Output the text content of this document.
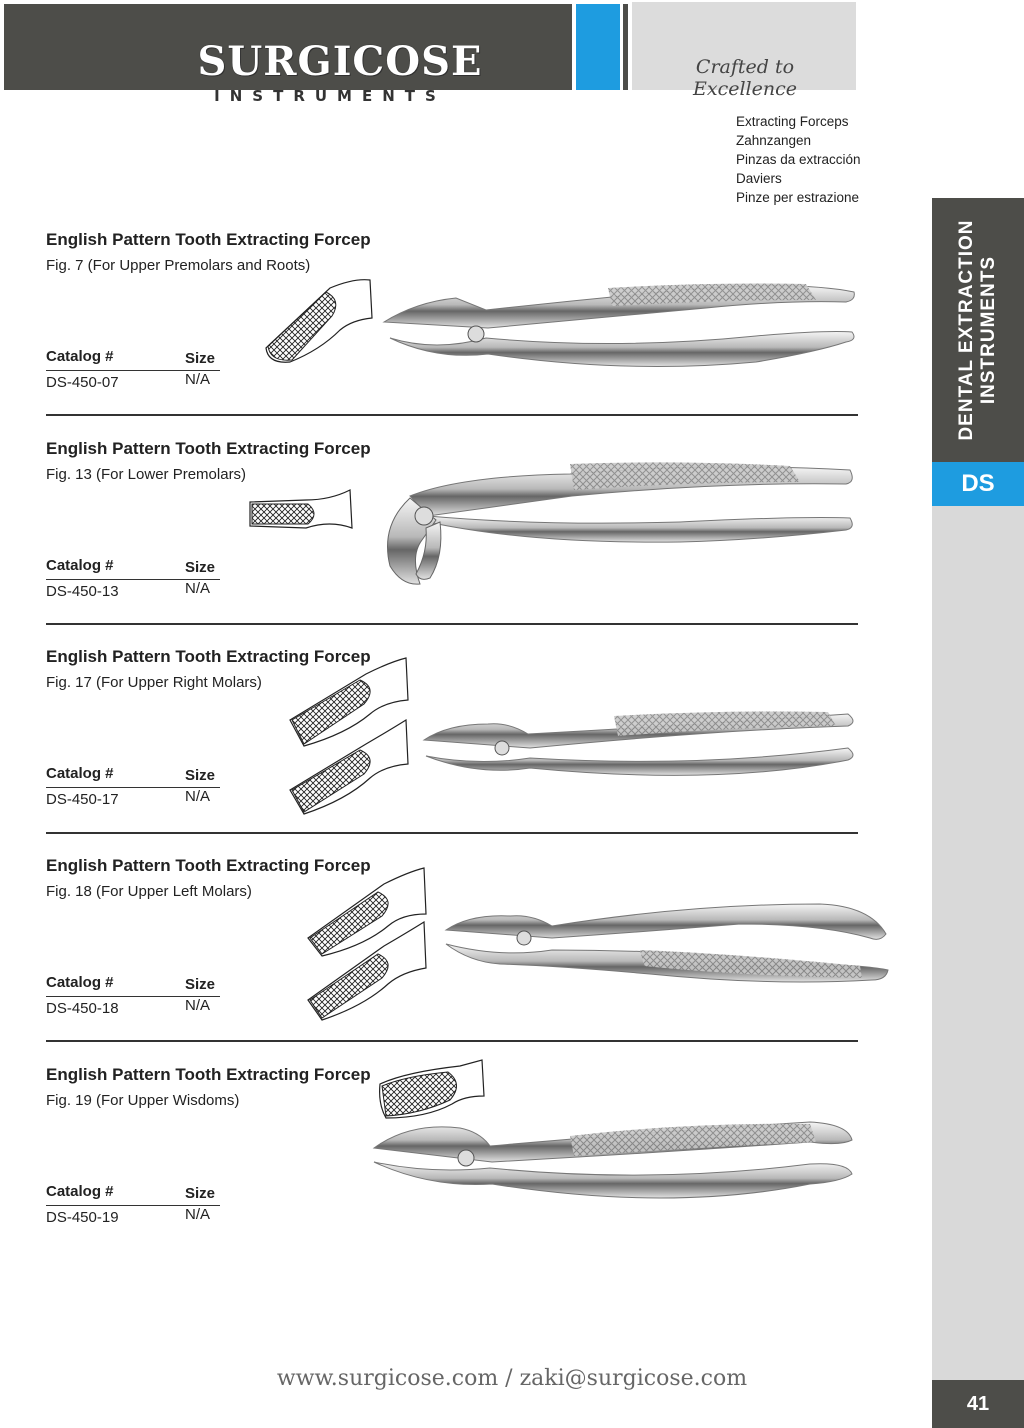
SURGICOSE
INSTRUMENTS
Crafted to Excellence
Extracting Forceps
Zahnzangen
Pinzas da extracción
Daviers
Pinze per estrazione
DENTAL EXTRACTION INSTRUMENTS
DS
41
English Pattern Tooth Extracting Forcep
Fig. 7 (For Upper Premolars and Roots)
Catalog #	Size
DS-450-07	N/A
English Pattern Tooth Extracting Forcep
Fig. 13 (For Lower Premolars)
Catalog #	Size
DS-450-13	N/A
English Pattern Tooth Extracting Forcep
Fig. 17 (For Upper Right Molars)
Catalog #	Size
DS-450-17	N/A
English Pattern Tooth Extracting Forcep
Fig. 18 (For Upper Left Molars)
Catalog #	Size
DS-450-18	N/A
English Pattern Tooth Extracting Forcep
Fig. 19 (For Upper Wisdoms)
Catalog #	Size
DS-450-19	N/A
www.surgicose.com / zaki@surgicose.com
